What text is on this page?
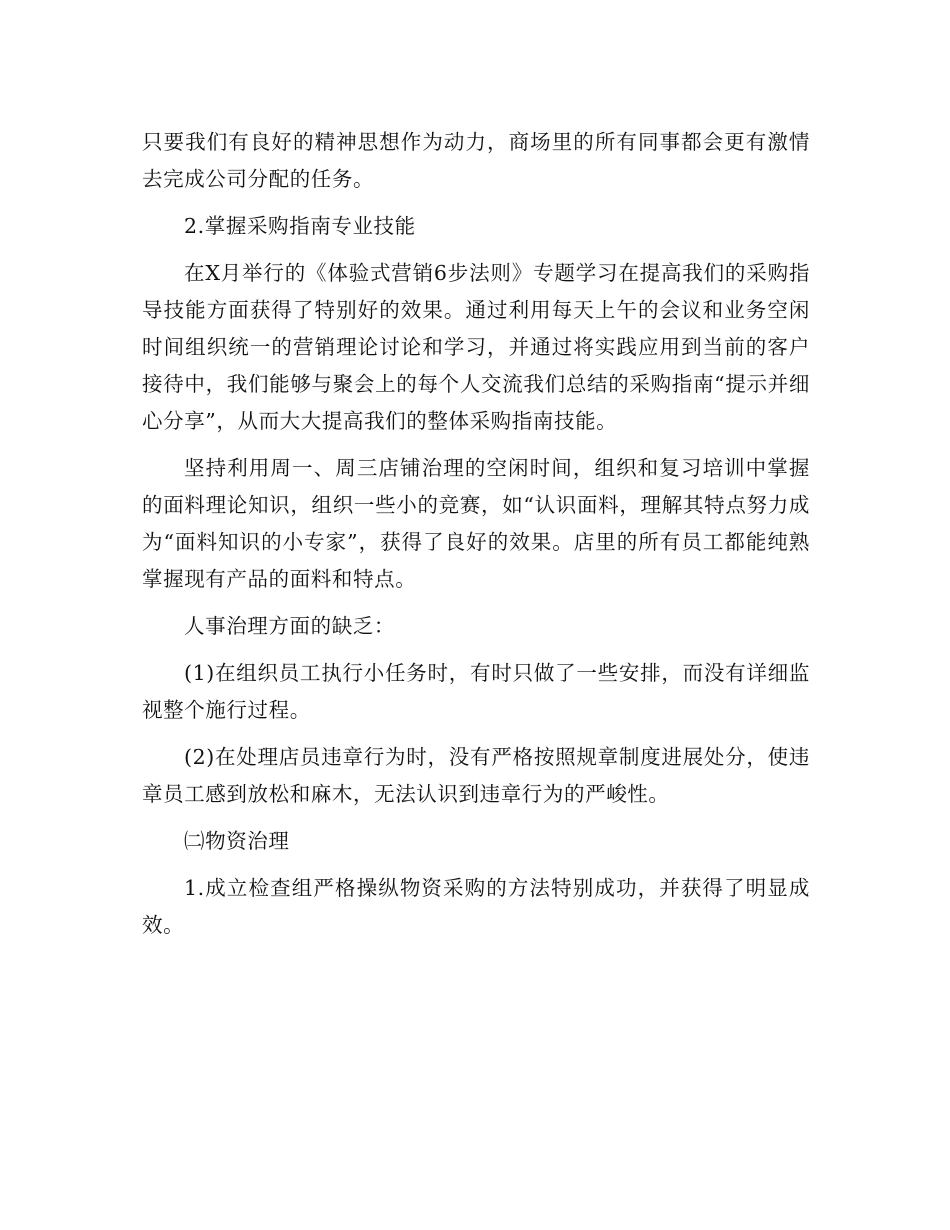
只要我们有良好的精神思想作为动力，商场里的所有同事都会更有激情去完成公司分配的任务。

2.掌握采购指南专业技能

在X月举行的《体验式营销6步法则》专题学习在提高我们的采购指导技能方面获得了特别好的效果。通过利用每天上午的会议和业务空闲时间组织统一的营销理论讨论和学习，并通过将实践应用到当前的客户接待中，我们能够与聚会上的每个人交流我们总结的采购指南“提示并细心分享”，从而大大提高我们的整体采购指南技能。

坚持利用周一、周三店铺治理的空闲时间，组织和复习培训中掌握的面料理论知识，组织一些小的竞赛，如“认识面料，理解其特点努力成为“面料知识的小专家”，获得了良好的效果。店里的所有员工都能纯熟掌握现有产品的面料和特点。

人事治理方面的缺乏：

(1)在组织员工执行小任务时，有时只做了一些安排，而没有详细监视整个施行过程。

(2)在处理店员违章行为时，没有严格按照规章制度进展处分，使违章员工感到放松和麻木，无法认识到违章行为的严峻性。

㈡物资治理

1.成立检查组严格操纵物资采购的方法特别成功，并获得了明显成效。
